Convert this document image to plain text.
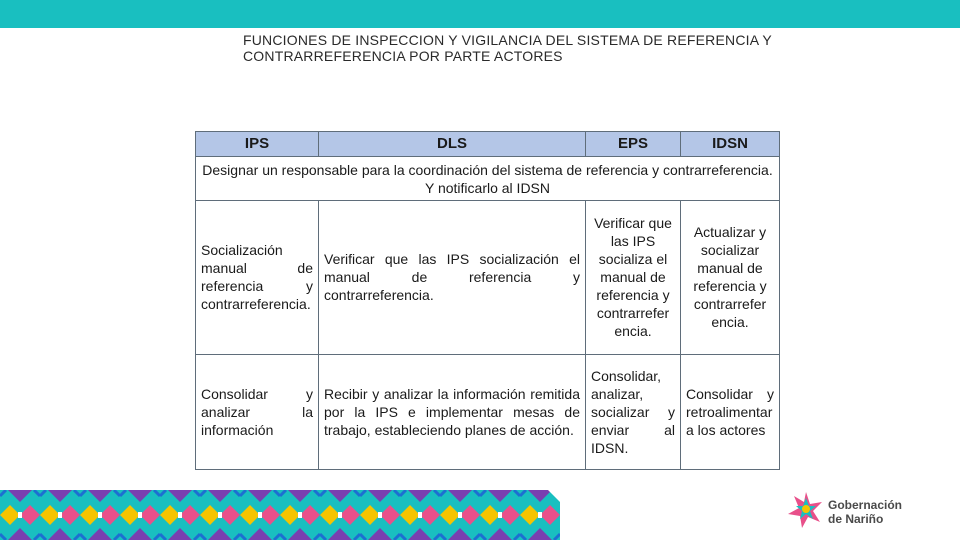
FUNCIONES DE INSPECCION Y VIGILANCIA DEL SISTEMA DE REFERENCIA Y CONTRARREFERENCIA POR PARTE ACTORES
IPS	DLS	EPS	IDSN
Designar un responsable para la coordinación del sistema de referencia y contrarreferencia. Y notificarlo al IDSN			
Socialización manual de referencia y contrarreferencia.	Verificar que las IPS socialización el manual de referencia y contrarreferencia.	Verificar que las IPS socializa el manual de referencia y contrarrefer encia.	Actualizar y socializar manual de referencia y contrarrefer encia.
Consolidar y analizar la información	Recibir y analizar la información remitida por la IPS e implementar mesas de trabajo, estableciendo planes de acción.	Consolidar, analizar, socializar y enviar al IDSN.	Consolidar y retroalimentar a los actores
Gobernación
de Nariño
